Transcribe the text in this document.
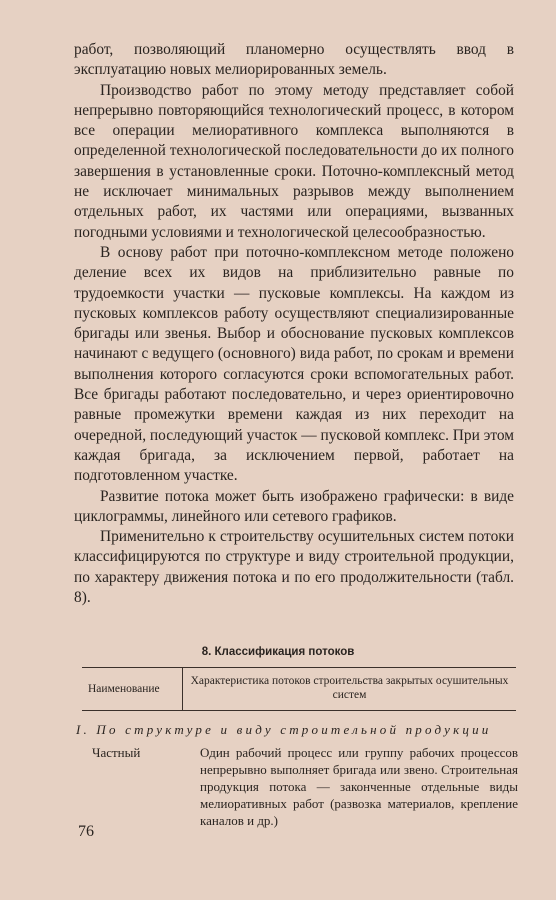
работ, позволяющий планомерно осуществлять ввод в эксплуатацию новых мелиорированных земель.

Производство работ по этому методу представляет собой непрерывно повторяющийся технологический процесс, в котором все операции мелиоративного комплекса выполняются в определенной технологической последовательности до их полного завершения в установленные сроки. Поточно-комплексный метод не исключает минимальных разрывов между выполнением отдельных работ, их частями или операциями, вызванных погодными условиями и технологической целесообразностью.

В основу работ при поточно-комплексном методе положено деление всех их видов на приблизительно равные по трудоемкости участки — пусковые комплексы. На каждом из пусковых комплексов работу осуществляют специализированные бригады или звенья. Выбор и обоснование пусковых комплексов начинают с ведущего (основного) вида работ, по срокам и времени выполнения которого согласуются сроки вспомогательных работ. Все бригады работают последовательно, и через ориентировочно равные промежутки времени каждая из них переходит на очередной, последующий участок — пусковой комплекс. При этом каждая бригада, за исключением первой, работает на подготовленном участке.

Развитие потока может быть изображено графически: в виде циклограммы, линейного или сетевого графиков.

Применительно к строительству осушительных систем потоки классифицируются по структуре и виду строительной продукции, по характеру движения потока и по его продолжительности (табл. 8).

8. Классификация потоков
Наименование
Характеристика потоков строительства закрытых осушительных систем
I. По структуре и виду строительной продукции
Частный	Один рабочий процесс или группу рабочих процессов непрерывно выполняет бригада или звено. Строительная продукция потока — законченные отдельные виды мелиоративных работ (развозка материалов, крепление каналов и др.)
76
